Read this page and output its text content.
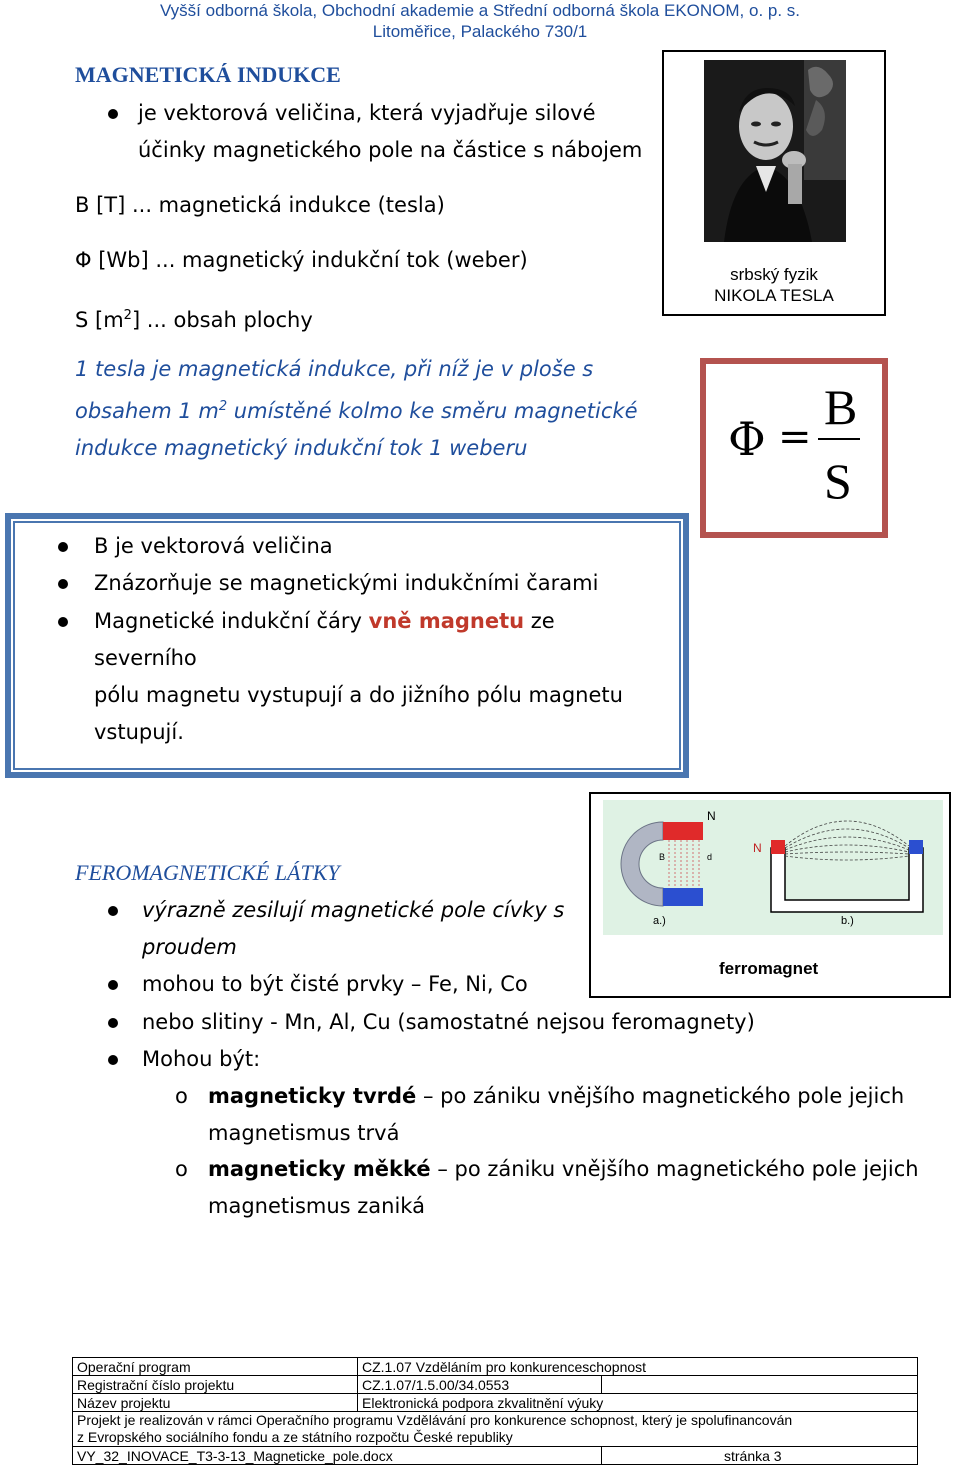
Vyšší odborná škola, Obchodní akademie a Střední odborná škola EKONOM, o. p. s.
Litoměřice, Palackého 730/1
MAGNETICKÁ INDUKCE
je vektorová veličina, která vyjadřuje silové
účinky magnetického pole na částice s nábojem
B [T] ... magnetická indukce (tesla)
Φ [Wb] ... magnetický indukční tok (weber)
S $[m^2]$ ... obsah plochy
1 tesla je magnetická indukce, při níž je v ploše s
obsahem 1 $m^2$ umístěné kolmo ke směru magnetické
indukce magnetický indukční tok 1 weberu
srbský fyzik
NIKOLA TESLA
Φ =
B
S
B je vektorová veličina
Znázorňuje se magnetickými indukčními čarami
Magnetické indukční čáry vně magnetu ze severního
pólu magnetu vystupují a do jižního pólu magnetu
vstupují.
N
B	d
a.)
N
b.)
ferromagnet
FEROMAGNETICKÉ LÁTKY
výrazně zesilují magnetické pole cívky s
proudem
mohou to být čisté prvky – Fe, Ni, Co
nebo slitiny - Mn, Al, Cu (samostatné nejsou feromagnety)
Mohou být:
o magneticky tvrdé – po zániku vnějšího magnetického pole jejich
magnetismus trvá
o magneticky měkké – po zániku vnějšího magnetického pole jejich
magnetismus zaniká
Operační program	CZ.1.07 Vzděláním pro konkurenceschopnost	
Registrační číslo projektu	CZ.1.07/1.5.00/34.0553	
Název projektu	Elektronická podpora zkvalitnění výuky	

Projekt je realizován v rámci Operačního programu Vzdělávání pro konkurence schopnost, který je spolufinancován
z Evropského sociálního fondu a ze státního rozpočtu České republiky		

VY_32_INOVACE_T3-3-13_Magneticke_pole.docx		stránka 3
